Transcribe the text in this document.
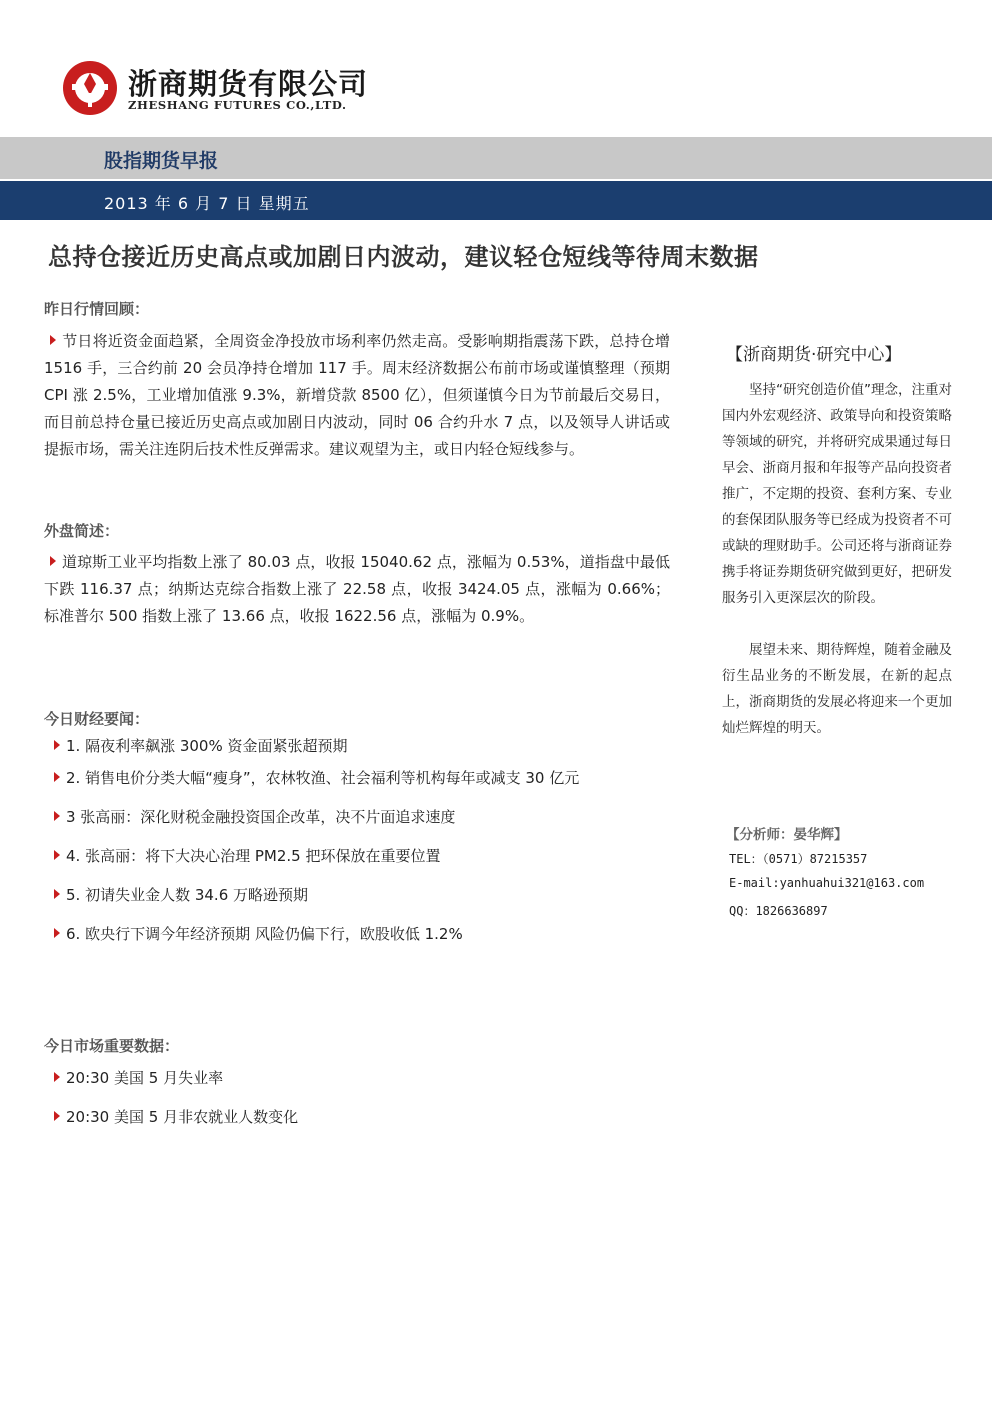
浙商期货有限公司
ZHESHANG FUTURES CO.,LTD.
股指期货早报
2013 年 6 月 7 日 星期五
总持仓接近历史高点或加剧日内波动，建议轻仓短线等待周末数据
昨日行情回顾：
节日将近资金面趋紧，全周资金净投放市场利率仍然走高。受影响期指震荡下跌，总持仓增 1516 手，三合约前 20 会员净持仓增加 117 手。周末经济数据公布前市场或谨慎整理（预期 CPI 涨 2.5%，工业增加值涨 9.3%，新增贷款 8500 亿），但须谨慎今日为节前最后交易日，而目前总持仓量已接近历史高点或加剧日内波动，同时 06 合约升水 7 点，以及领导人讲话或提振市场，需关注连阴后技术性反弹需求。建议观望为主，或日内轻仓短线参与。
外盘简述：
道琼斯工业平均指数上涨了 80.03 点，收报 15040.62 点，涨幅为 0.53%，道指盘中最低下跌 116.37 点；纳斯达克综合指数上涨了 22.58 点，收报 3424.05 点，涨幅为 0.66%；标准普尔 500 指数上涨了 13.66 点，收报 1622.56 点，涨幅为 0.9%。
今日财经要闻：
1. 隔夜利率飙涨 300% 资金面紧张超预期
2. 销售电价分类大幅“瘦身”，农林牧渔、社会福利等机构每年或减支 30 亿元
3 张高丽：深化财税金融投资国企改革，决不片面追求速度
4. 张高丽：将下大决心治理 PM2.5 把环保放在重要位置
5. 初请失业金人数 34.6 万略逊预期
6. 欧央行下调今年经济预期 风险仍偏下行，欧股收低 1.2%
今日市场重要数据：
20:30 美国 5 月失业率
20:30 美国 5 月非农就业人数变化
【浙商期货·研究中心】
坚持“研究创造价值”理念，注重对国内外宏观经济、政策导向和投资策略等领域的研究，并将研究成果通过每日早会、浙商月报和年报等产品向投资者推广，不定期的投资、套利方案、专业的套保团队服务等已经成为投资者不可或缺的理财助手。公司还将与浙商证券携手将证券期货研究做到更好，把研发服务引入更深层次的阶段。
展望未来、期待辉煌，随着金融及衍生品业务的不断发展，在新的起点上，浙商期货的发展必将迎来一个更加灿烂辉煌的明天。
【分析师：晏华辉】
TEL：（0571）87215357
E-mail:yanhuahui321@163.com
QQ：1826636897
